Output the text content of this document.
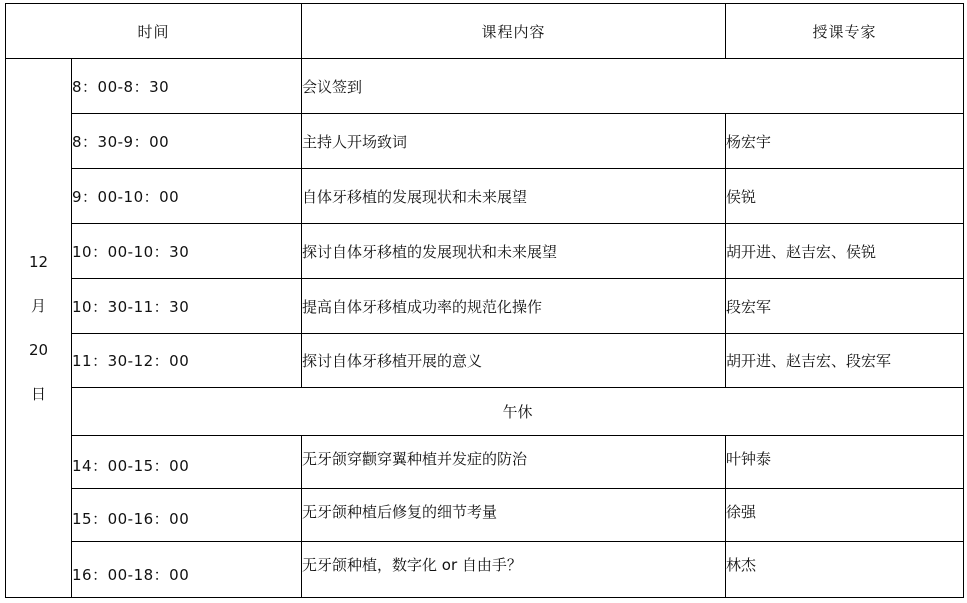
时间		课程内容	授课专家

12
月
20
日	8：00-8：30	会议签到	
	8：30-9：00	主持人开场致词	杨宏宇
	9：00-10：00	自体牙移植的发展现状和未来展望	侯锐
	10：00-10：30	探讨自体牙移植的发展现状和未来展望	胡开进、赵吉宏、侯锐
	10：30-11：30	提高自体牙移植成功率的规范化操作	段宏军
	11：30-12：00	探讨自体牙移植开展的意义	胡开进、赵吉宏、段宏军
	午休		
	14：00-15：00	无牙颌穿颧穿翼种植并发症的防治	叶钟泰
	15：00-16：00	无牙颌种植后修复的细节考量	徐强
	16：00-18：00	无牙颌种植，数字化 or 自由手？	林杰
